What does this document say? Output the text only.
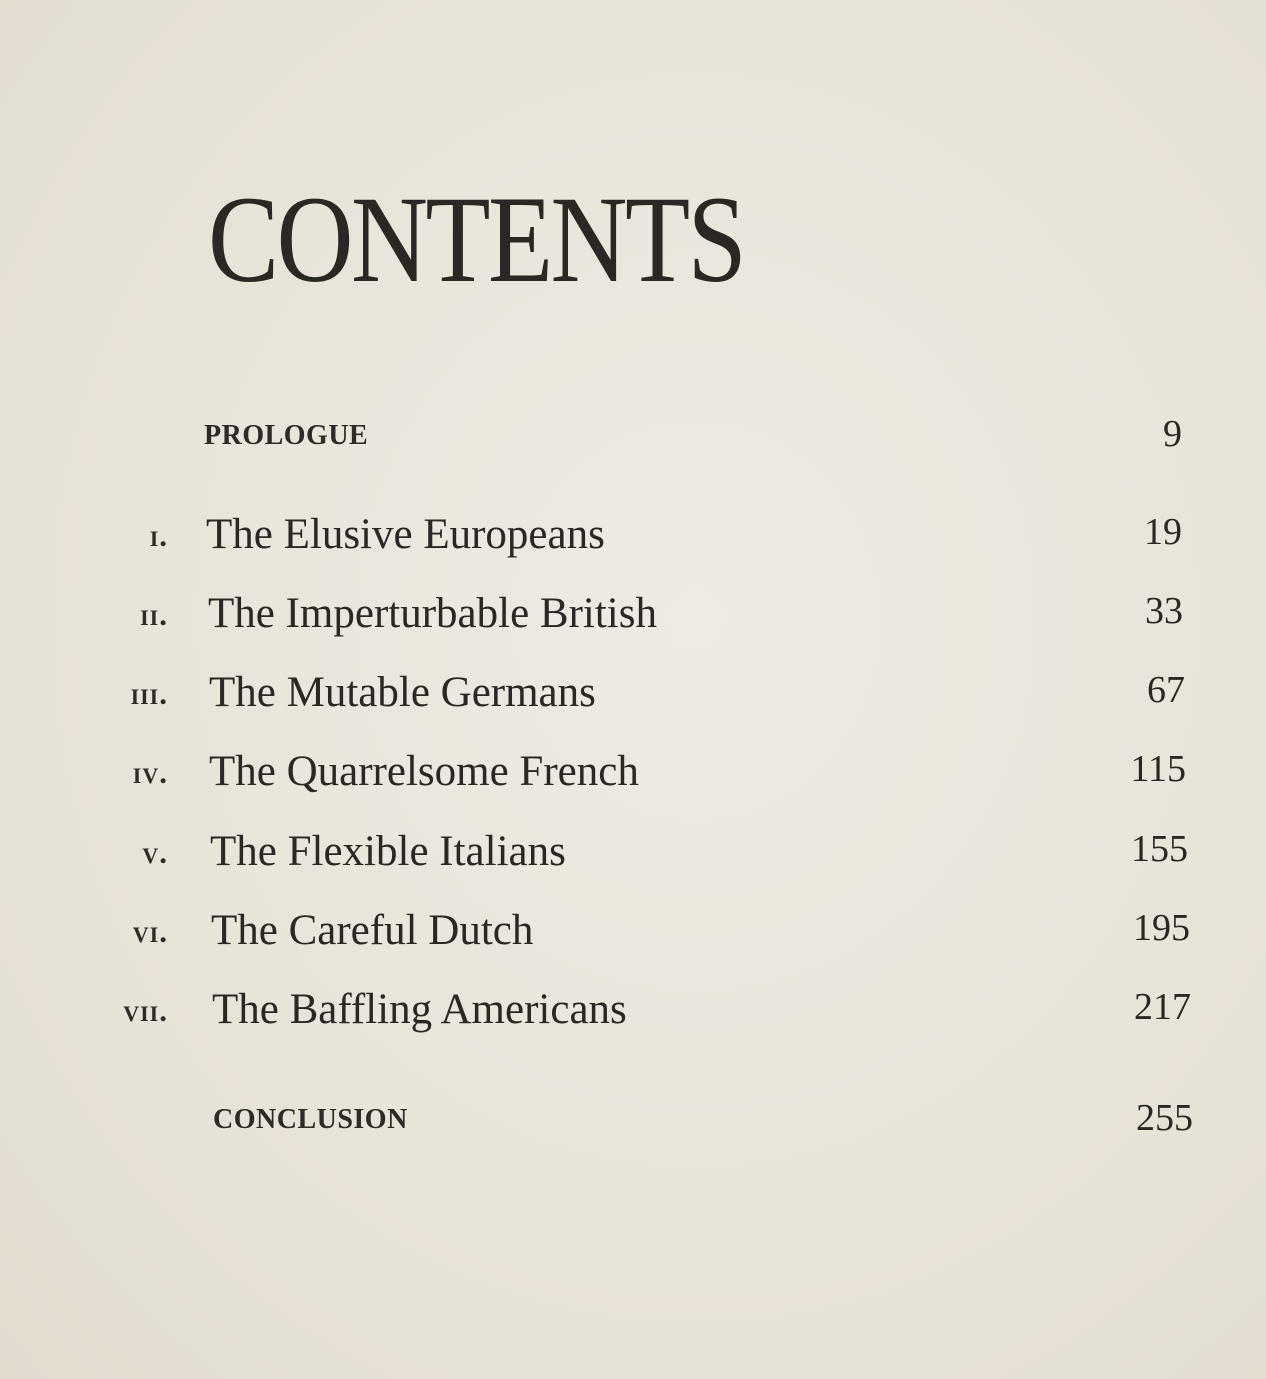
CONTENTS
PROLOGUE	9
i. The Elusive Europeans	19
ii. The Imperturbable British	33
iii. The Mutable Germans	67
iv. The Quarrelsome French	115
v. The Flexible Italians	155
vi. The Careful Dutch	195
vii. The Baffling Americans	217
CONCLUSION	255
